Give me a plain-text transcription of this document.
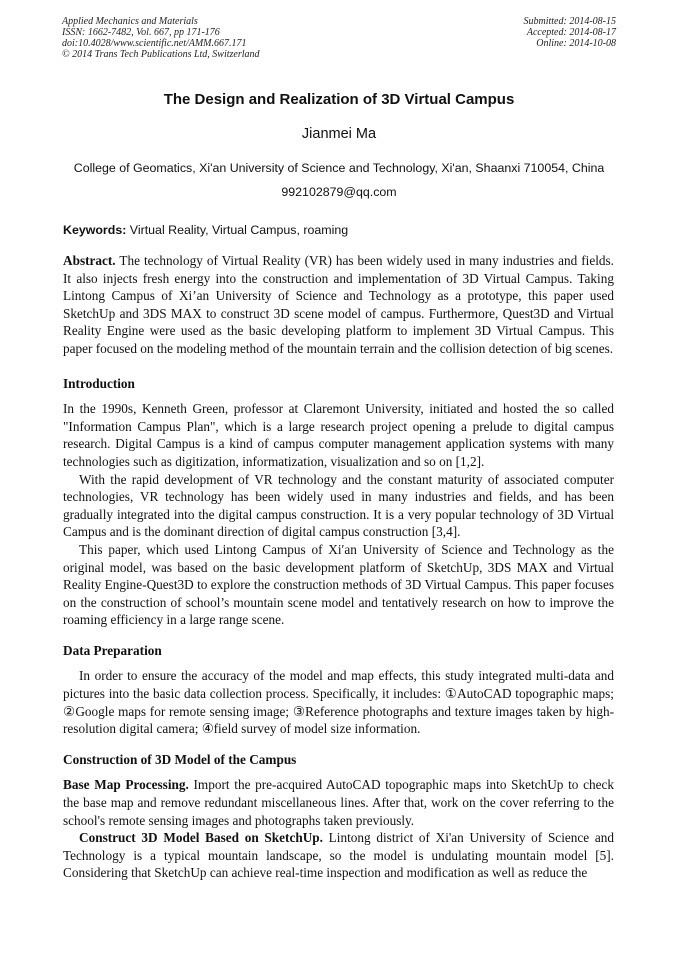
Applied Mechanics and Materials
ISSN: 1662-7482, Vol. 667, pp 171-176
doi:10.4028/www.scientific.net/AMM.667.171
© 2014 Trans Tech Publications Ltd, Switzerland
Submitted: 2014-08-15
Accepted: 2014-08-17
Online: 2014-10-08
The Design and Realization of 3D Virtual Campus
Jianmei Ma
College of Geomatics, Xi'an University of Science and Technology, Xi'an, Shaanxi 710054, China
992102879@qq.com
Keywords: Virtual Reality, Virtual Campus, roaming

Abstract. The technology of Virtual Reality (VR) has been widely used in many industries and fields. It also injects fresh energy into the construction and implementation of 3D Virtual Campus. Taking Lintong Campus of Xi’an University of Science and Technology as a prototype, this paper used SketchUp and 3DS MAX to construct 3D scene model of campus. Furthermore, Quest3D and Virtual Reality Engine were used as the basic developing platform to implement 3D Virtual Campus. This paper focused on the modeling method of the mountain terrain and the collision detection of big scenes.

Introduction

In the 1990s, Kenneth Green, professor at Claremont University, initiated and hosted the so called "Information Campus Plan", which is a large research project opening a prelude to digital campus research. Digital Campus is a kind of campus computer management application systems with many technologies such as digitization, informatization, visualization and so on [1,2].

With the rapid development of VR technology and the constant maturity of associated computer technologies, VR technology has been widely used in many industries and fields, and has been gradually integrated into the digital campus construction. It is a very popular technology of 3D Virtual Campus and is the dominant direction of digital campus construction [3,4].

This paper, which used Lintong Campus of Xi′an University of Science and Technology as the original model, was based on the basic development platform of SketchUp, 3DS MAX and Virtual Reality Engine-Quest3D to explore the construction methods of 3D Virtual Campus. This paper focuses on the construction of school’s mountain scene model and tentatively research on how to improve the roaming efficiency in a large range scene.

Data Preparation

In order to ensure the accuracy of the model and map effects, this study integrated multi-data and pictures into the basic data collection process. Specifically, it includes: ①AutoCAD topographic maps; ②Google maps for remote sensing image; ③Reference photographs and texture images taken by high-resolution digital camera; ④field survey of model size information.

Construction of 3D Model of the Campus

Base Map Processing. Import the pre-acquired AutoCAD topographic maps into SketchUp to check the base map and remove redundant miscellaneous lines. After that, work on the cover referring to the school's remote sensing images and photographs taken previously.

Construct 3D Model Based on SketchUp. Lintong district of Xi'an University of Science and Technology is a typical mountain landscape, so the model is undulating mountain model [5]. Considering that SketchUp can achieve real-time inspection and modification as well as reduce the
